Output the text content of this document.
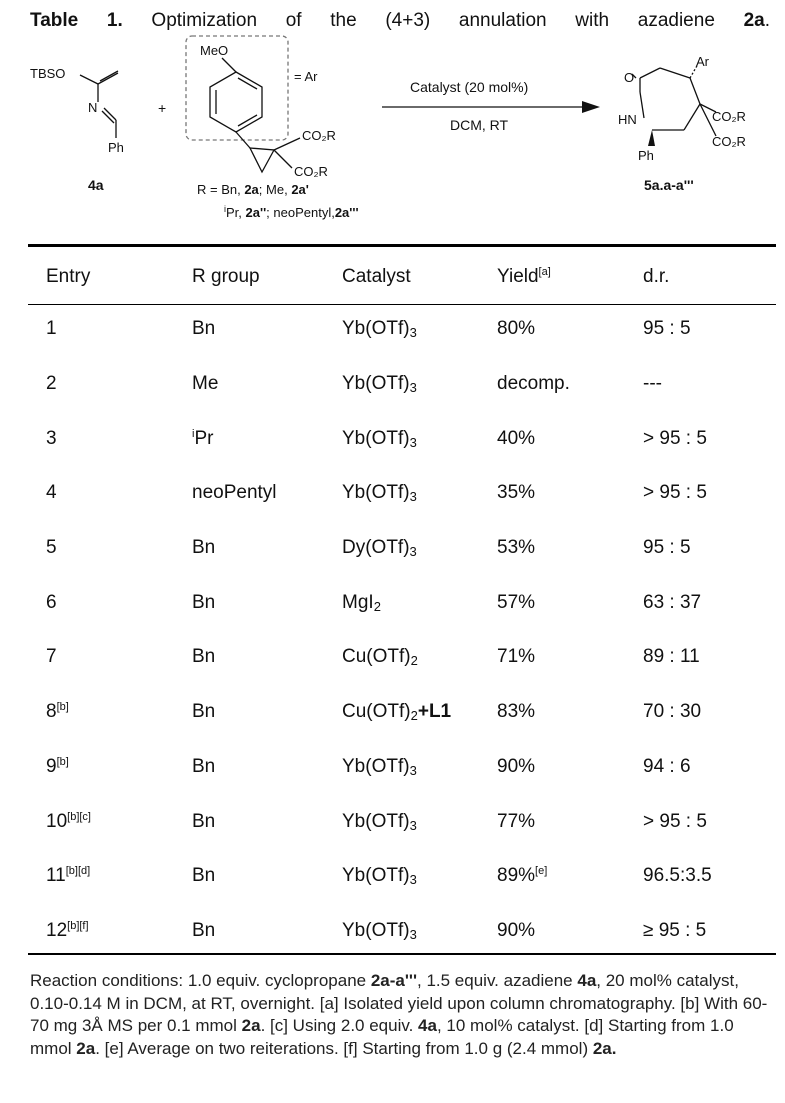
Table 1. Optimization of the (4+3) annulation with azadiene 2a.
TBSO
N
Ph
4a
+
MeO
= Ar
CO₂R
CO₂R
R = Bn, 2a; Me, 2a'
$^i$Pr, 2a''; neoPentyl,2a'''
Catalyst (20 mol%)
DCM, RT
O
HN
Ar
Ph
CO₂R
CO₂R
5a.a-a'''
Entry	R group	Catalyst	Yield[a]	d.r.
1	Bn	$Yb(OTf)_3$	80%	95 : 5
2	Me	$Yb(OTf)_3$	decomp.	---
3	$^i$Pr	$Yb(OTf)_3$	40%	> 95 : 5
4	neoPentyl	$Yb(OTf)_3$	35%	> 95 : 5
5	Bn	$Dy(OTf)_3$	53%	95 : 5
6	Bn	MgI$_2$	57%	63 : 37
7	Bn	$Cu(OTf)_2$	71%	89 : 11
8[b]	Bn	$Cu(OTf)_2+L1$	83%	70 : 30
9[b]	Bn	$Yb(OTf)_3$	90%	94 : 6
10[b][c]	Bn	$Yb(OTf)_3$	77%	> 95 : 5
11[b][d]	Bn	$Yb(OTf)_3$	89%[e]	96.5:3.5
12[b][f]	Bn	$Yb(OTf)_3$	90%	≥ 95 : 5
Reaction conditions: 1.0 equiv. cyclopropane 2a-a''', 1.5 equiv. azadiene 4a, 20 mol% catalyst, 0.10-0.14 M in DCM, at RT, overnight. [a] Isolated yield upon column chromatography. [b] With 60-70 mg 3Å MS per 0.1 mmol 2a. [c] Using 2.0 equiv. 4a, 10 mol% catalyst. [d] Starting from 1.0 mmol 2a. [e] Average on two reiterations. [f] Starting from 1.0 g (2.4 mmol) 2a.
